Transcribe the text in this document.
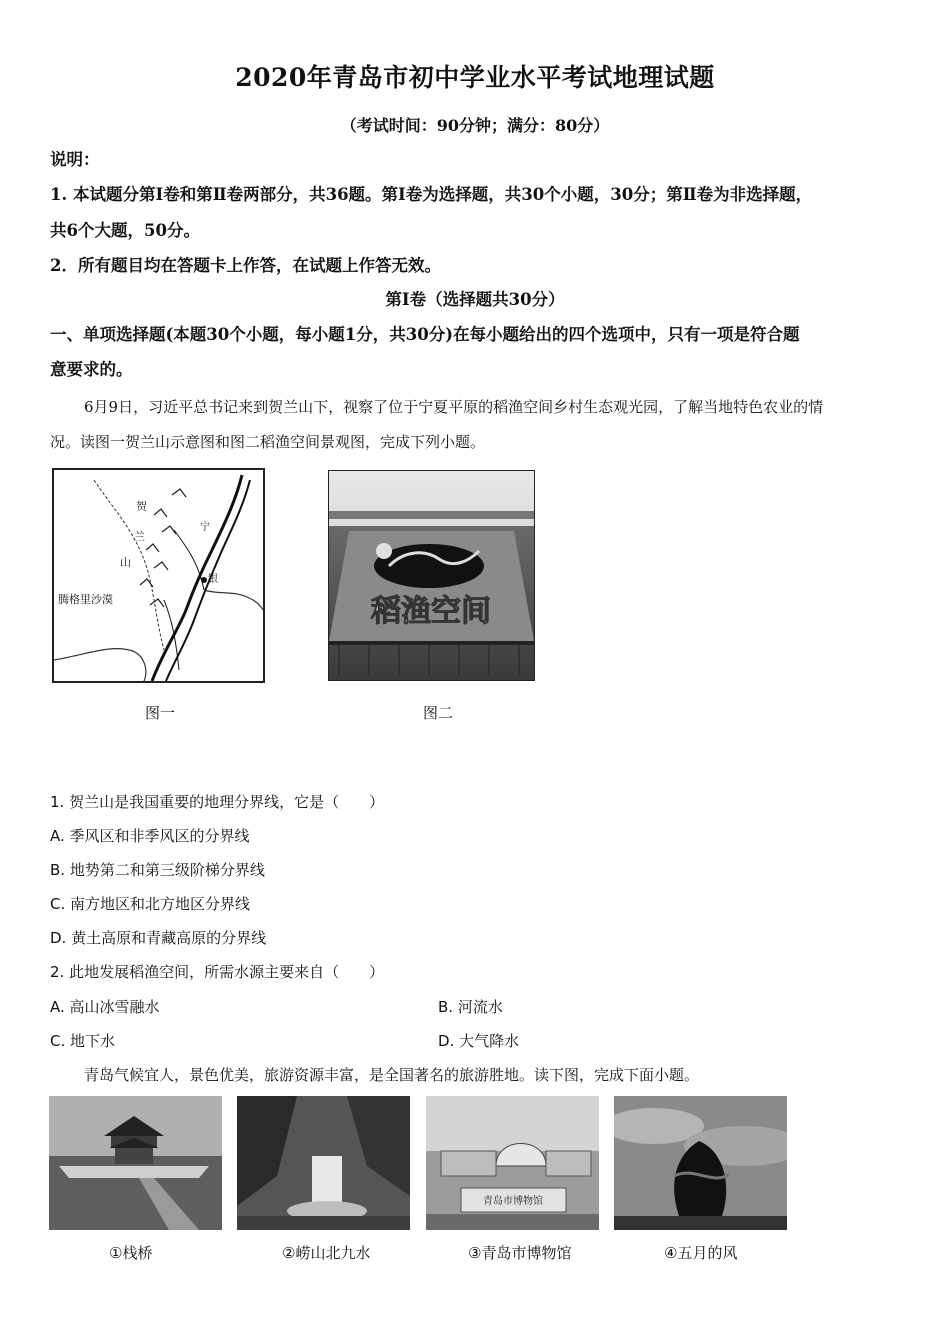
2020年青岛市初中学业水平考试地理试题
（考试时间：90分钟；满分：80分）
说明：
1. 本试题分第Ⅰ卷和第Ⅱ卷两部分，共36题。第Ⅰ卷为选择题，共30个小题，30分；第Ⅱ卷为非选择题，
共6个大题，50分。
2．所有题目均在答题卡上作答，在试题上作答无效。
第Ⅰ卷（选择题共30分）
一、单项选择题(本题30个小题，每小题1分，共30分)在每小题给出的四个选项中，只有一项是符合题
意要求的。
6月9日，习近平总书记来到贺兰山下，视察了位于宁夏平原的稻渔空间乡村生态观光园，了解当地特色农业的情
况。读图一贺兰山示意图和图二稻渔空间景观图，完成下列小题。
贺
兰
山
银
宁
腾格里沙漠
图一
稻渔空间
图二
1. 贺兰山是我国重要的地理分界线，它是（　　）
A. 季风区和非季风区的分界线
B. 地势第二和第三级阶梯分界线
C. 南方地区和北方地区分界线
D. 黄土高原和青藏高原的分界线
2. 此地发展稻渔空间，所需水源主要来自（　　）
A. 高山冰雪融水	B. 河流水
C. 地下水	D. 大气降水
青岛气候宜人，景色优美，旅游资源丰富，是全国著名的旅游胜地。读下图，完成下面小题。
青岛市博物馆
①栈桥	②崂山北九水	③青岛市博物馆	④五月的风
